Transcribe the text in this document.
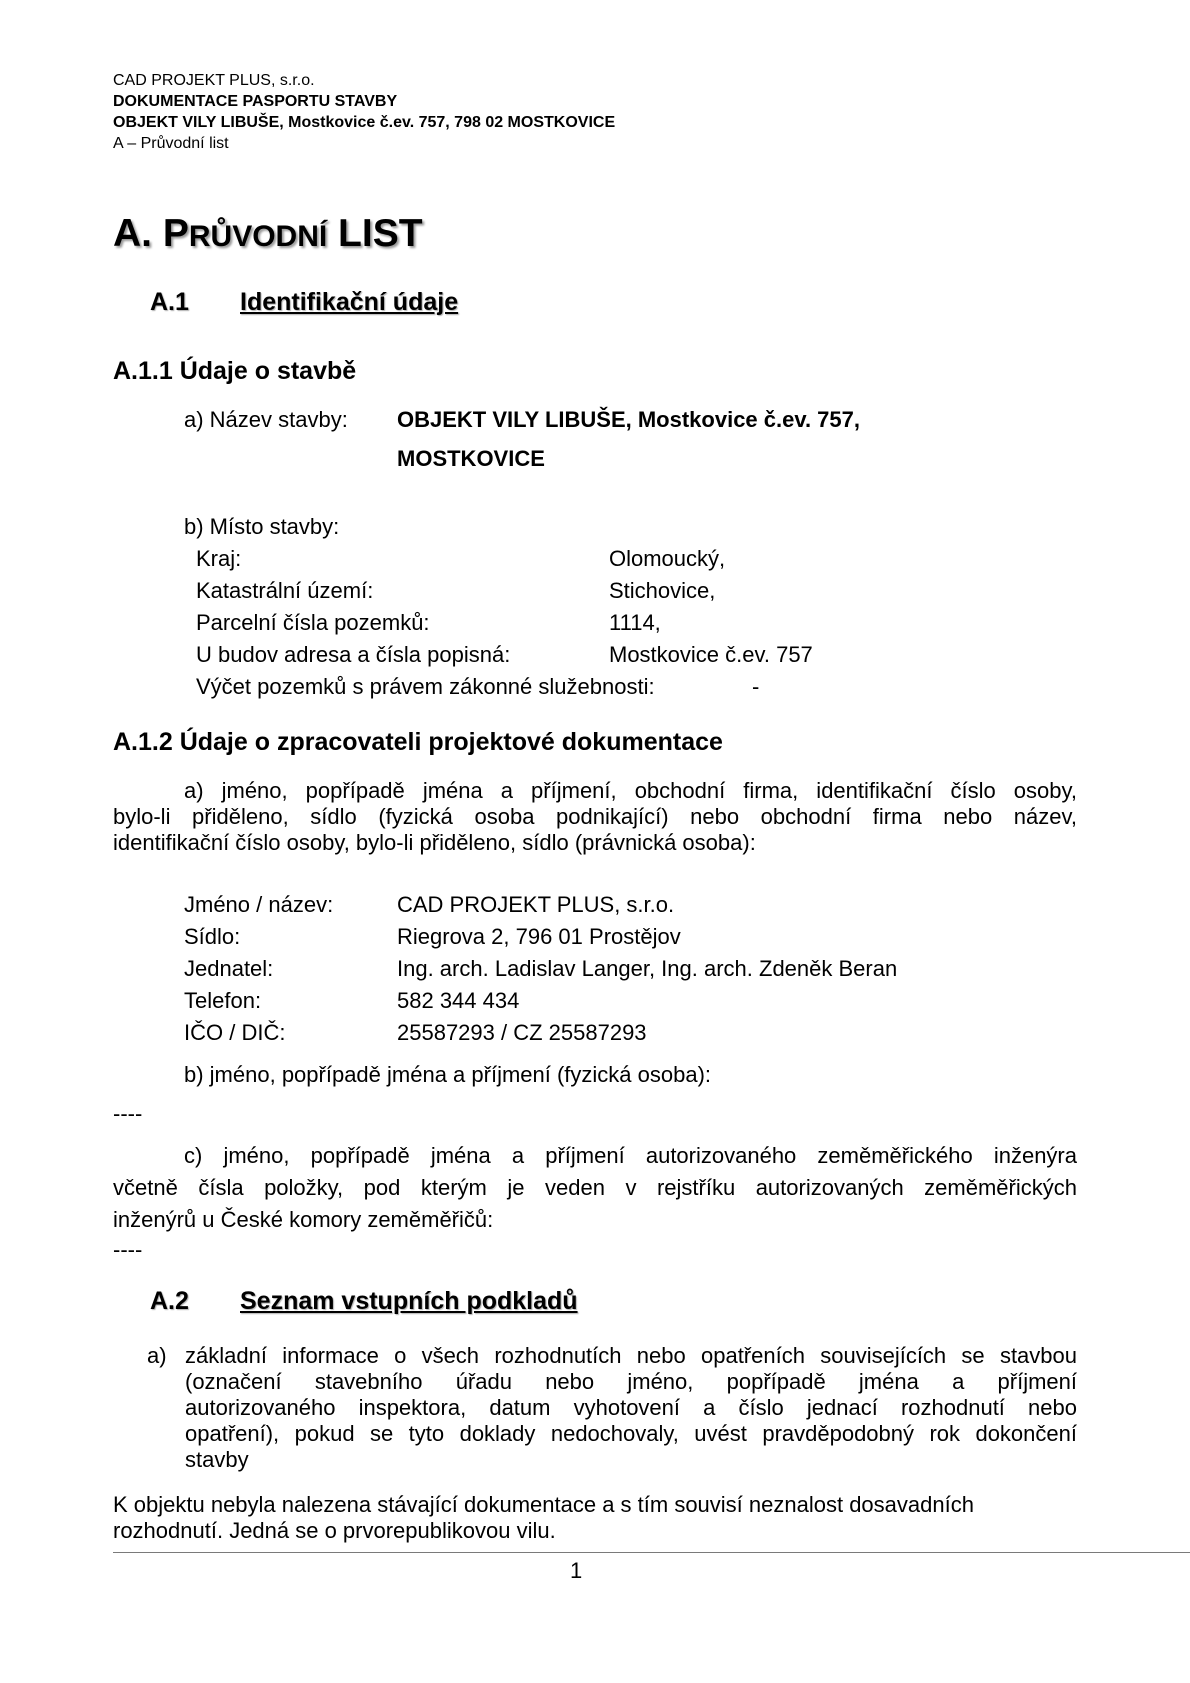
CAD PROJEKT PLUS, s.r.o.
DOKUMENTACE PASPORTU STAVBY
OBJEKT VILY LIBUŠE, Mostkovice č.ev. 757, 798 02 MOSTKOVICE
A – Průvodní list
A. PRŮVODNÍ LIST
A.1 Identifikační údaje
A.1.1 Údaje o stavbě
a) Název stavby: OBJEKT VILY LIBUŠE, Mostkovice č.ev. 757,
MOSTKOVICE
b) Místo stavby:
Kraj:	Olomoucký,
Katastrální území:	Stichovice,
Parcelní čísla pozemků:	1114,
U budov adresa a čísla popisná:	Mostkovice č.ev. 757
Výčet pozemků s právem zákonné služebnosti:	-
A.1.2 Údaje o zpracovateli projektové dokumentace
a) jméno, popřípadě jména a příjmení, obchodní firma, identifikační číslo osoby,
bylo-li přiděleno, sídlo (fyzická osoba podnikající) nebo obchodní firma nebo název,
identifikační číslo osoby, bylo-li přiděleno, sídlo (právnická osoba):
Jméno / název:	CAD PROJEKT PLUS, s.r.o.
Sídlo:	Riegrova 2, 796 01 Prostějov
Jednatel:	Ing. arch. Ladislav Langer, Ing. arch. Zdeněk Beran
Telefon:	582 344 434
IČO / DIČ:	25587293 / CZ 25587293
b) jméno, popřípadě jména a příjmení (fyzická osoba):
----
c) jméno, popřípadě jména a příjmení autorizovaného zeměměřického inženýra
včetně čísla položky, pod kterým je veden v rejstříku autorizovaných zeměměřických
inženýrů u České komory zeměměřičů:
----
A.2 Seznam vstupních podkladů
a) základní informace o všech rozhodnutích nebo opatřeních souvisejících se stavbou
(označení stavebního úřadu nebo jméno, popřípadě jména a příjmení
autorizovaného inspektora, datum vyhotovení a číslo jednací rozhodnutí nebo
opatření), pokud se tyto doklady nedochovaly, uvést pravděpodobný rok dokončení
stavby
K objektu nebyla nalezena stávající dokumentace a s tím souvisí neznalost dosavadních
rozhodnutí. Jedná se o prvorepublikovou vilu.
1
